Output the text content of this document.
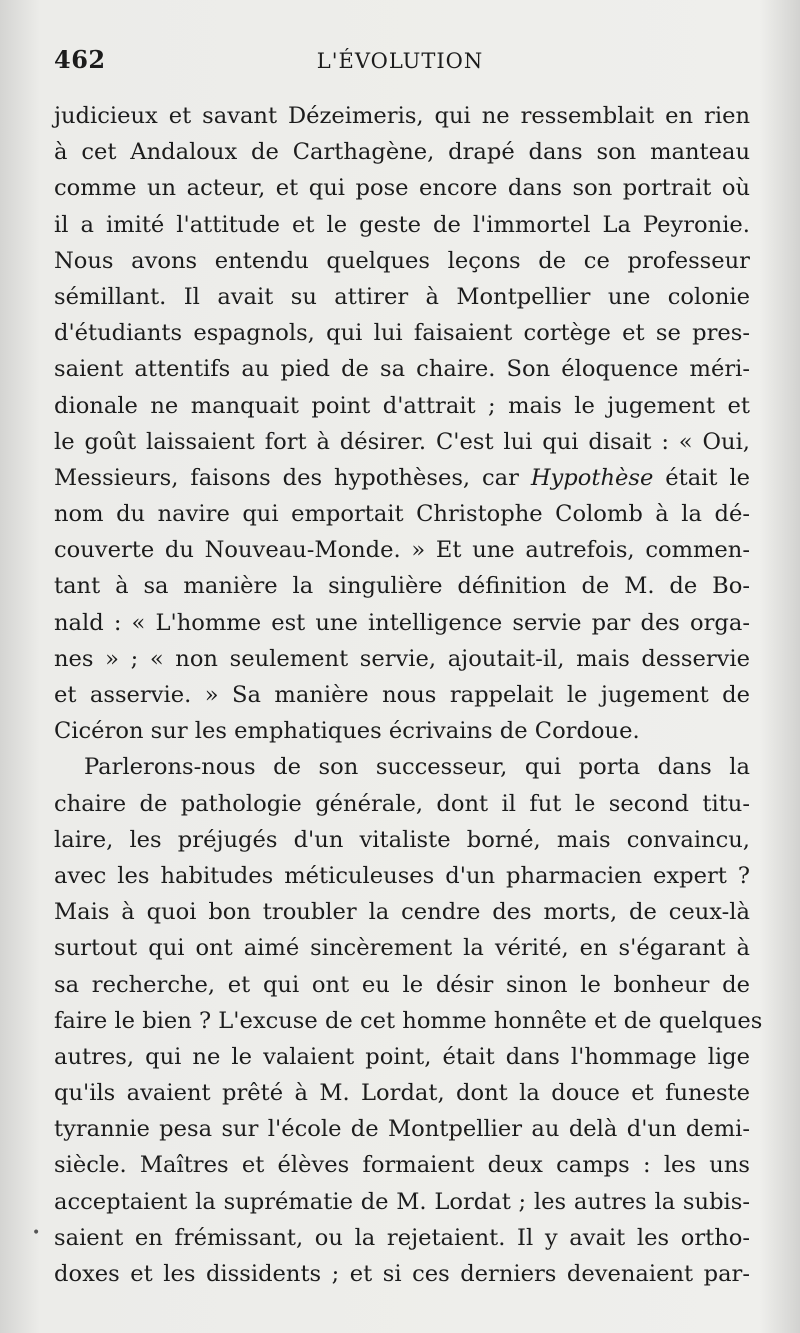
462	L'ÉVOLUTION
judicieux et savant Dézeimeris, qui ne ressemblait en rien
à cet Andaloux de Carthagène, drapé dans son manteau
comme un acteur, et qui pose encore dans son portrait où
il a imité l'attitude et le geste de l'immortel La Peyronie.
Nous avons entendu quelques leçons de ce professeur
sémillant. Il avait su attirer à Montpellier une colonie
d'étudiants espagnols, qui lui faisaient cortège et se pres-
saient attentifs au pied de sa chaire. Son éloquence méri-
dionale ne manquait point d'attrait ; mais le jugement et
le goût laissaient fort à désirer. C'est lui qui disait : « Oui,
Messieurs, faisons des hypothèses, car Hypothèse était le
nom du navire qui emportait Christophe Colomb à la dé-
couverte du Nouveau-Monde. » Et une autrefois, commen-
tant à sa manière la singulière définition de M. de Bo-
nald : « L'homme est une intelligence servie par des orga-
nes » ; « non seulement servie, ajoutait-il, mais desservie
et asservie. » Sa manière nous rappelait le jugement de
Cicéron sur les emphatiques écrivains de Cordoue.
Parlerons-nous de son successeur, qui porta dans la
chaire de pathologie générale, dont il fut le second titu-
laire, les préjugés d'un vitaliste borné, mais convaincu,
avec les habitudes méticuleuses d'un pharmacien expert ?
Mais à quoi bon troubler la cendre des morts, de ceux-là
surtout qui ont aimé sincèrement la vérité, en s'égarant à
sa recherche, et qui ont eu le désir sinon le bonheur de
faire le bien ? L'excuse de cet homme honnête et de quelques
autres, qui ne le valaient point, était dans l'hommage lige
qu'ils avaient prêté à M. Lordat, dont la douce et funeste
tyrannie pesa sur l'école de Montpellier au delà d'un demi-
siècle. Maîtres et élèves formaient deux camps : les uns
acceptaient la suprématie de M. Lordat ; les autres la subis-
saient en frémissant, ou la rejetaient. Il y avait les ortho-
doxes et les dissidents ; et si ces derniers devenaient par-
•
